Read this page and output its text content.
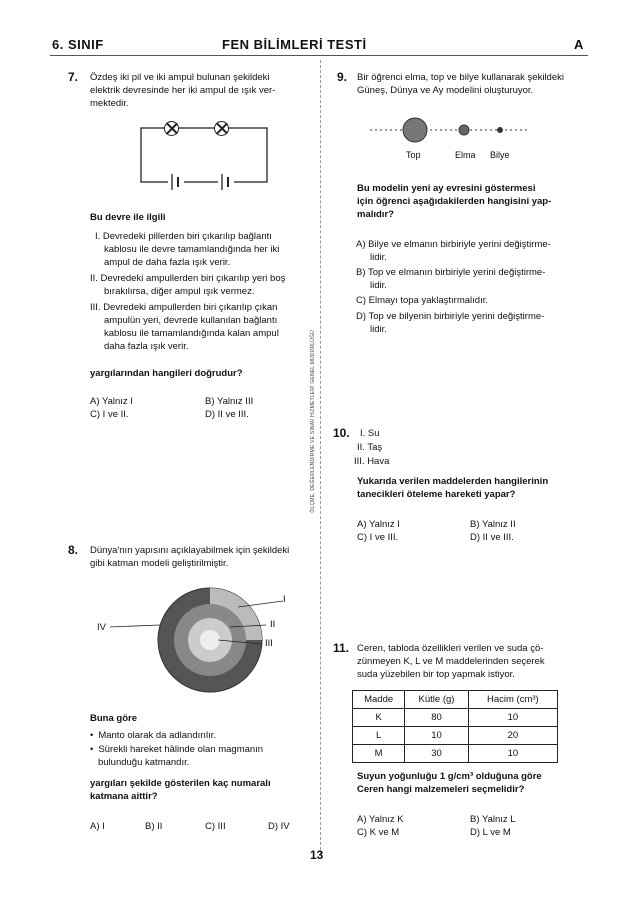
6. SINIF	FEN BİLİMLERİ TESTİ	A
ÖLÇME, DEĞERLENDİRME VE SINAV HİZMETLERİ GENEL MÜDÜRLÜĞÜ
7. Özdeş iki pil ve iki ampul bulunan şekildeki
elektrik devresinde her iki ampul de ışık ver-
mektedir.
Bu devre ile ilgili
I. Devredeki pillerden biri çıkarılıp bağlantı
kablosu ile devre tamamlandığında her iki
ampul de daha fazla ışık verir.
II. Devredeki ampullerden biri çıkarılıp yeri boş
bırakılırsa, diğer ampul ışık vermez.
III. Devredeki ampullerden biri çıkarılıp çıkan
ampulün yeri, devrede kullanılan bağlantı
kablosu ile tamamlandığında kalan ampul
daha fazla ışık verir.
yargılarından hangileri doğrudur?
A) Yalnız I	B) Yalnız III
C) I ve II.	D) II ve III.
8. Dünya'nın yapısını açıklayabilmek için şekildeki
gibi katman modeli geliştirilmiştir.
I
II
III
IV
Buna göre
• Manto olarak da adlandırılır.
• Sürekli hareket hâlinde olan magmanın
bulunduğu katmandır.
yargıları şekilde gösterilen kaç numaralı
katmana aittir?
A) I	B) II	C) III	D) IV
9. Bir öğrenci elma, top ve bilye kullanarak şekildeki
Güneş, Dünya ve Ay modelini oluşturuyor.
Top	Elma Bilye
Bu modelin yeni ay evresini göstermesi
için öğrenci aşağıdakilerden hangisini yap-
malıdır?
A) Bilye ve elmanın birbiriyle yerini değiştirme-
lidir.
B) Top ve elmanın birbiriyle yerini değiştirme-
lidir.
C) Elmayı topa yaklaştırmalıdır.
D) Top ve bilyenin birbiriyle yerini değiştirme-
lidir.
10. I. Su
II. Taş
III. Hava
Yukarıda verilen maddelerden hangilerinin
tanecikleri öteleme hareketi yapar?
A) Yalnız I	B) Yalnız II
C) I ve III.	D) II ve III.
11. Ceren, tabloda özellikleri verilen ve suda çö-
zünmeyen K, L ve M maddelerinden seçerek
suda yüzebilen bir top yapmak istiyor.
Madde	Kütle (g)	Hacim (cm³)
K	80	10
L	10	20
M	30	10
Suyun yoğunluğu 1 g/cm³ olduğuna göre
Ceren hangi malzemeleri seçmelidir?
A) Yalnız K	B) Yalnız L
C) K ve M	D) L ve M
13
